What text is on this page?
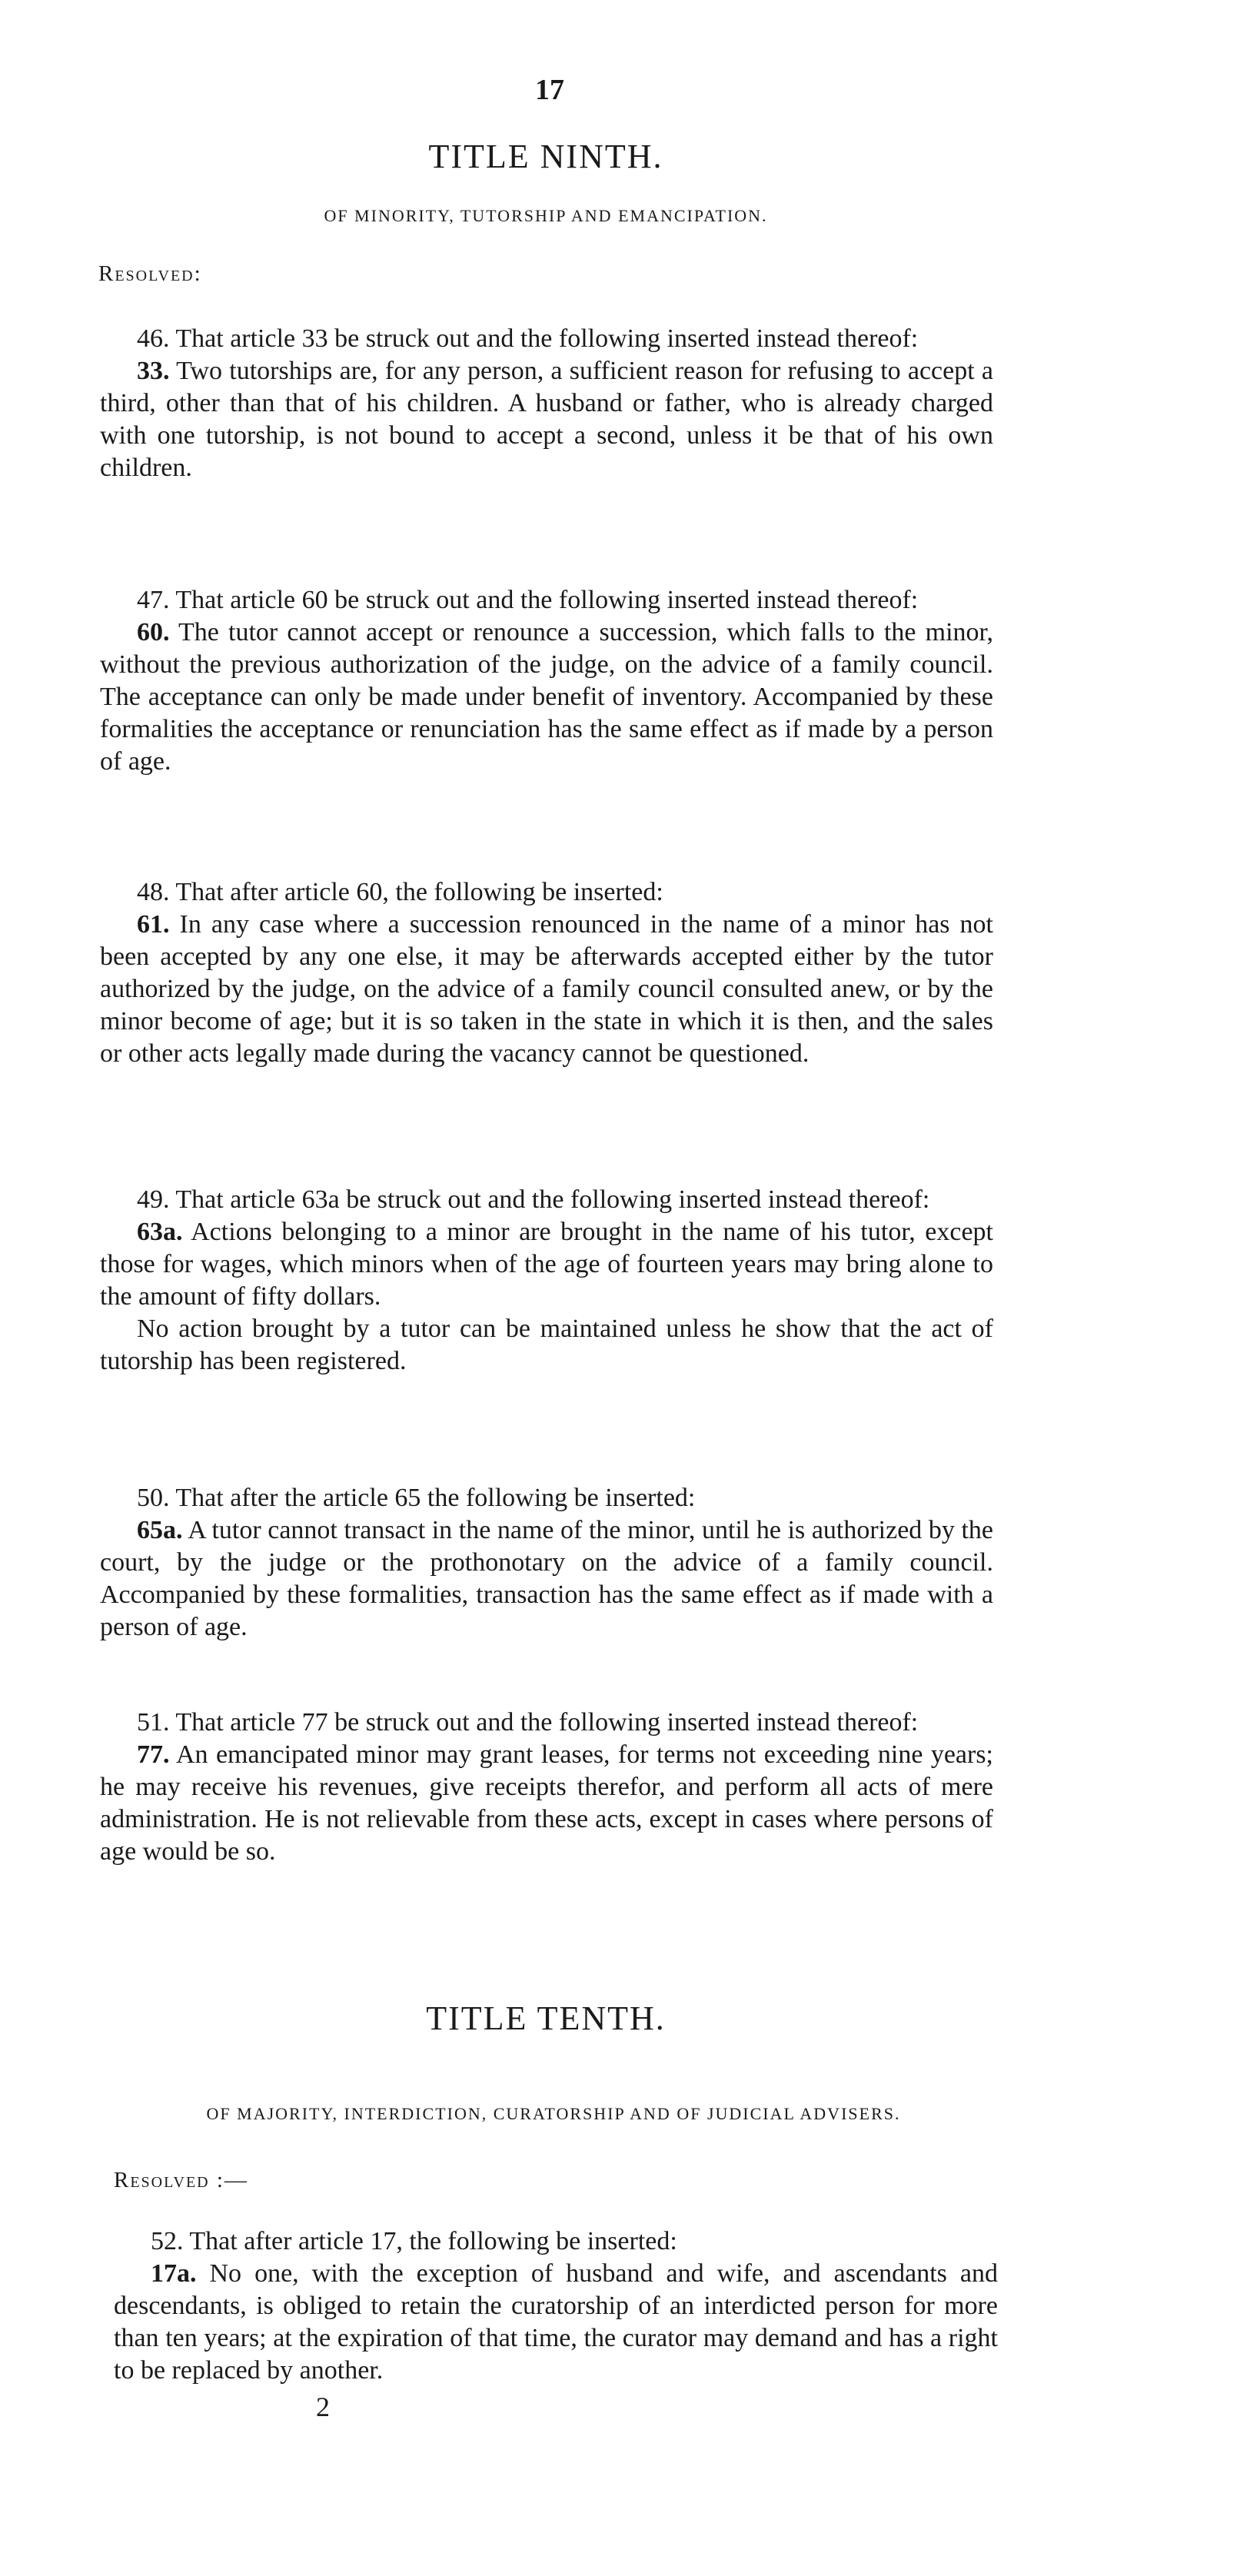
17
TITLE NINTH.
OF MINORITY, TUTORSHIP AND EMANCIPATION.
Resolved:

46. That article 33 be struck out and the following inserted instead thereof:

33. Two tutorships are, for any person, a sufficient reason for refusing to accept a third, other than that of his children. A husband or father, who is already charged with one tutorship, is not bound to accept a second, unless it be that of his own children.

47. That article 60 be struck out and the following inserted instead thereof:

60. The tutor cannot accept or renounce a succession, which falls to the minor, without the previous authorization of the judge, on the advice of a family council. The acceptance can only be made under benefit of inventory. Accompanied by these formalities the acceptance or renunciation has the same effect as if made by a person of age.

48. That after article 60, the following be inserted:

61. In any case where a succession renounced in the name of a minor has not been accepted by any one else, it may be afterwards accepted either by the tutor authorized by the judge, on the advice of a family council consulted anew, or by the minor become of age; but it is so taken in the state in which it is then, and the sales or other acts legally made during the vacancy cannot be questioned.

49. That article 63a be struck out and the following inserted instead thereof:

63a. Actions belonging to a minor are brought in the name of his tutor, except those for wages, which minors when of the age of fourteen years may bring alone to the amount of fifty dollars.

No action brought by a tutor can be maintained unless he show that the act of tutorship has been registered.

50. That after the article 65 the following be inserted:

65a. A tutor cannot transact in the name of the minor, until he is authorized by the court, by the judge or the prothonotary on the advice of a family council. Accompanied by these formalities, transaction has the same effect as if made with a person of age.

51. That article 77 be struck out and the following inserted instead thereof:

77. An emancipated minor may grant leases, for terms not exceeding nine years; he may receive his revenues, give receipts therefor, and perform all acts of mere administration. He is not relievable from these acts, except in cases where persons of age would be so.

TITLE TENTH.
OF MAJORITY, INTERDICTION, CURATORSHIP AND OF JUDICIAL ADVISERS.
Resolved :—

52. That after article 17, the following be inserted:

17a. No one, with the exception of husband and wife, and ascendants and descendants, is obliged to retain the curatorship of an interdicted person for more than ten years; at the expiration of that time, the curator may demand and has a right to be replaced by another.

2
